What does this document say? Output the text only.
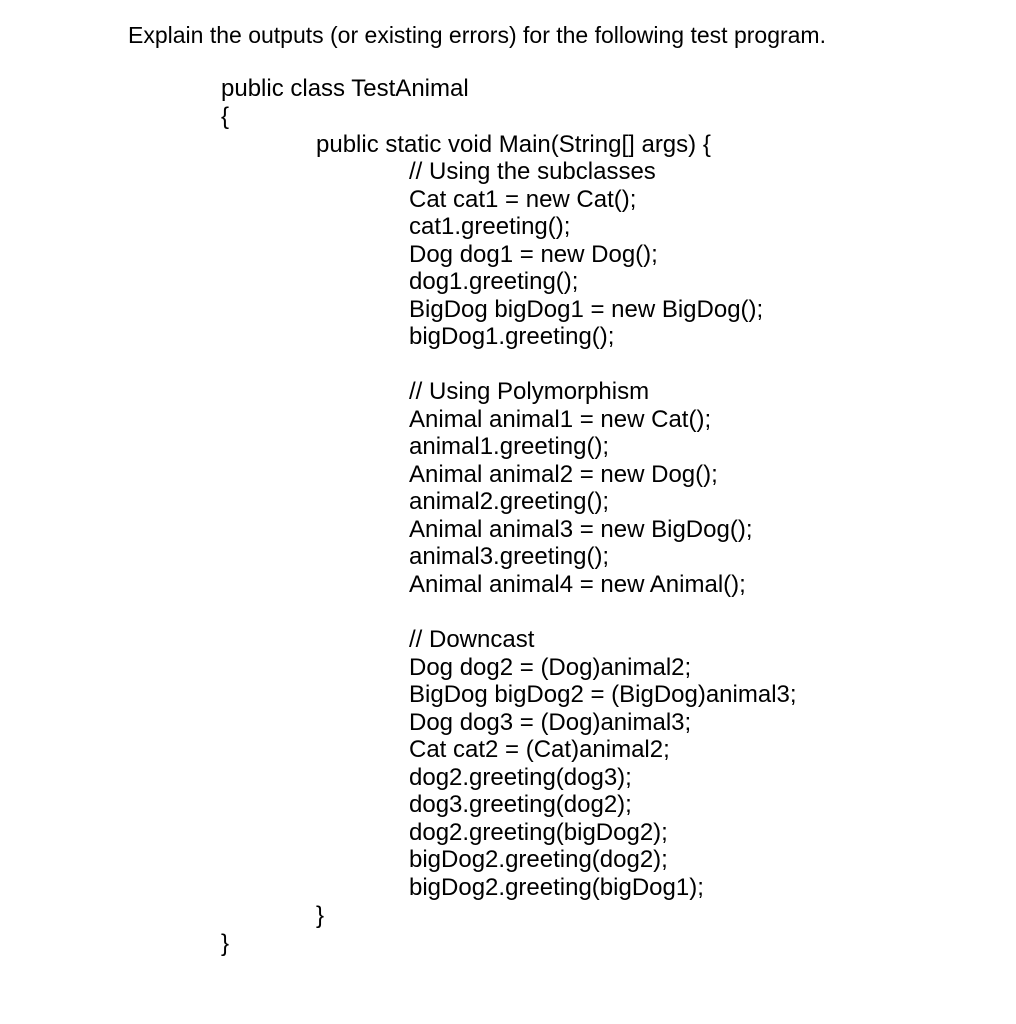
Explain the outputs (or existing errors) for the following test program.
public class TestAnimal
{
public static void Main(String[] args) {
// Using the subclasses
Cat cat1 = new Cat();
cat1.greeting();
Dog dog1 = new Dog();
dog1.greeting();
BigDog bigDog1 = new BigDog();
bigDog1.greeting();
// Using Polymorphism
Animal animal1 = new Cat();
animal1.greeting();
Animal animal2 = new Dog();
animal2.greeting();
Animal animal3 = new BigDog();
animal3.greeting();
Animal animal4 = new Animal();
// Downcast
Dog dog2 = (Dog)animal2;
BigDog bigDog2 = (BigDog)animal3;
Dog dog3 = (Dog)animal3;
Cat cat2 = (Cat)animal2;
dog2.greeting(dog3);
dog3.greeting(dog2);
dog2.greeting(bigDog2);
bigDog2.greeting(dog2);
bigDog2.greeting(bigDog1);
}
}
